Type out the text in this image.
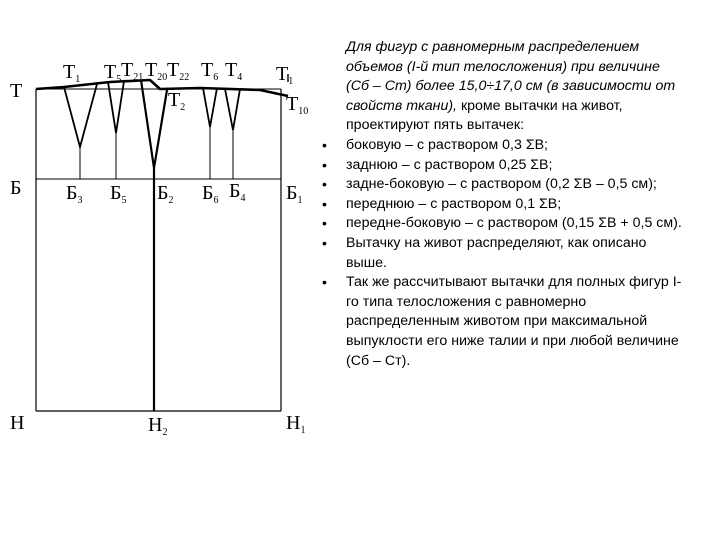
Т
$Т_1$ $Т_5$ $Т_{21}$ $Т_{20}$ $Т_{22}$ $Т_6$ $Т_4$ $Т_1$
$Т_2$	$Т_{10}$
Б $Б_3$ $Б_5$ $Б_2$ $Б_6$ $Б_4$ $Б_1$
Н	$Н_2$	$Н_1$

Для фигур с равномерным распределением объемов (I-й тип телосложения) при величине (Сб – Ст) более 15,0÷17,0 см (в зависимости от свойств ткани), кроме вытачки на живот, проектируют пять вытачек:

• боковую – с раствором 0,3 ΣВ;
• заднюю – с раствором 0,25 ΣВ;
• задне-боковую – с раствором (0,2 ΣВ – 0,5 см);
• переднюю – с раствором 0,1 ΣВ;
• передне-боковую – с раствором (0,15 ΣВ + 0,5 см).
• Вытачку на живот распределяют, как описано выше.
• Так же рассчитывают вытачки для полных фигур I-го типа телосложения с равномерно распределенным животом при максимальной выпуклости его ниже талии и при любой величине (Сб – Ст).
